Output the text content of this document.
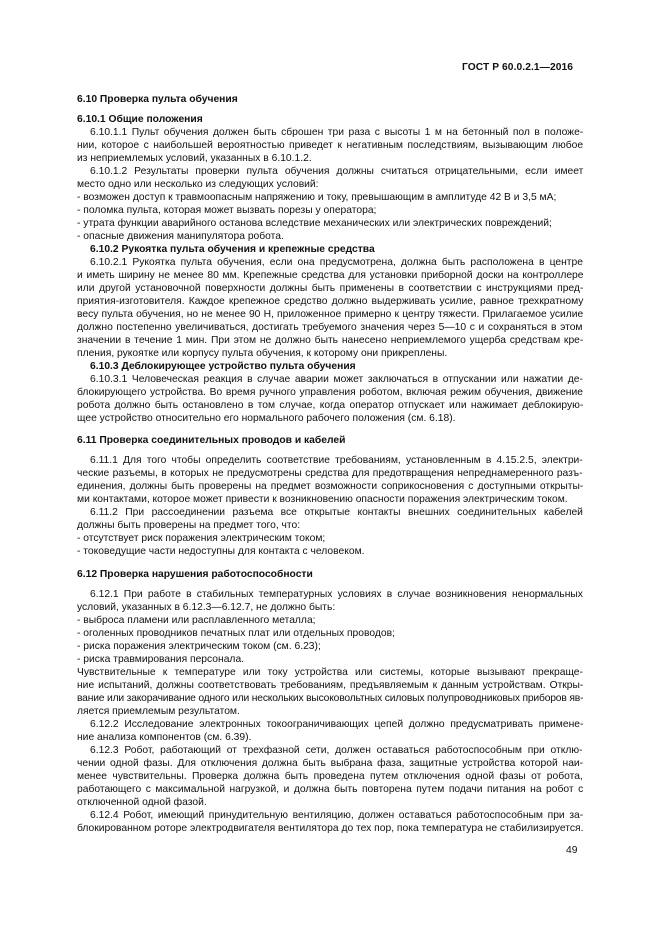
ГОСТ Р 60.0.2.1—2016
6.10 Проверка пульта обучения
6.10.1 Общие положения
6.10.1.1 Пульт обучения должен быть сброшен три раза с высоты 1 м на бетонный пол в положе-
нии, которое с наибольшей вероятностью приведет к негативным последствиям, вызывающим любое
из неприемлемых условий, указанных в 6.10.1.2.
6.10.1.2 Результаты проверки пульта обучения должны считаться отрицательными, если имеет
место одно или несколько из следующих условий:
- возможен доступ к травмоопасным напряжению и току, превышающим в амплитуде 42 В и 3,5 мА;
- поломка пульта, которая может вызвать порезы у оператора;
- утрата функции аварийного останова вследствие механических или электрических повреждений;
- опасные движения манипулятора робота.
6.10.2 Рукоятка пульта обучения и крепежные средства
6.10.2.1 Рукоятка пульта обучения, если она предусмотрена, должна быть расположена в центре
и иметь ширину не менее 80 мм. Крепежные средства для установки приборной доски на контроллере
или другой установочной поверхности должны быть применены в соответствии с инструкциями пред-
приятия-изготовителя. Каждое крепежное средство должно выдерживать усилие, равное трехкратному
весу пульта обучения, но не менее 90 Н, приложенное примерно к центру тяжести. Прилагаемое усилие
должно постепенно увеличиваться, достигать требуемого значения через 5—10 с и сохраняться в этом
значении в течение 1 мин. При этом не должно быть нанесено неприемлемого ущерба средствам кре-
пления, рукоятке или корпусу пульта обучения, к которому они прикреплены.
6.10.3 Деблокирующее устройство пульта обучения
6.10.3.1 Человеческая реакция в случае аварии может заключаться в отпускании или нажатии де-
блокирующего устройства. Во время ручного управления роботом, включая режим обучения, движение
робота должно быть остановлено в том случае, когда оператор отпускает или нажимает деблокирую-
щее устройство относительно его нормального рабочего положения (см. 6.18).
6.11 Проверка соединительных проводов и кабелей
6.11.1 Для того чтобы определить соответствие требованиям, установленным в 4.15.2.5, электри-
ческие разъемы, в которых не предусмотрены средства для предотвращения непреднамеренного разъ-
единения, должны быть проверены на предмет возможности соприкосновения с доступными открыты-
ми контактами, которое может привести к возникновению опасности поражения электрическим током.
6.11.2 При рассоединении разъема все открытые контакты внешних соединительных кабелей
должны быть проверены на предмет того, что:
- отсутствует риск поражения электрическим током;
- токоведущие части недоступны для контакта с человеком.
6.12 Проверка нарушения работоспособности
6.12.1 При работе в стабильных температурных условиях в случае возникновения ненормальных
условий, указанных в 6.12.3—6.12.7, не должно быть:
- выброса пламени или расплавленного металла;
- оголенных проводников печатных плат или отдельных проводов;
- риска поражения электрическим током (см. 6.23);
- риска травмирования персонала.
Чувствительные к температуре или току устройства или системы, которые вызывают прекраще-
ние испытаний, должны соответствовать требованиям, предъявляемым к данным устройствам. Откры-
вание или закорачивание одного или нескольких высоковольтных силовых полупроводниковых приборов яв-
ляется приемлемым результатом.
6.12.2 Исследование электронных токоограничивающих цепей должно предусматривать примене-
ние анализа компонентов (см. 6.39).
6.12.3 Робот, работающий от трехфазной сети, должен оставаться работоспособным при отклю-
чении одной фазы. Для отключения должна быть выбрана фаза, защитные устройства которой наи-
менее чувствительны. Проверка должна быть проведена путем отключения одной фазы от робота,
работающего с максимальной нагрузкой, и должна быть повторена путем подачи питания на робот с
отключенной одной фазой.
6.12.4 Робот, имеющий принудительную вентиляцию, должен оставаться работоспособным при за-
блокированном роторе электродвигателя вентилятора до тех пор, пока температура не стабилизируется.
49
